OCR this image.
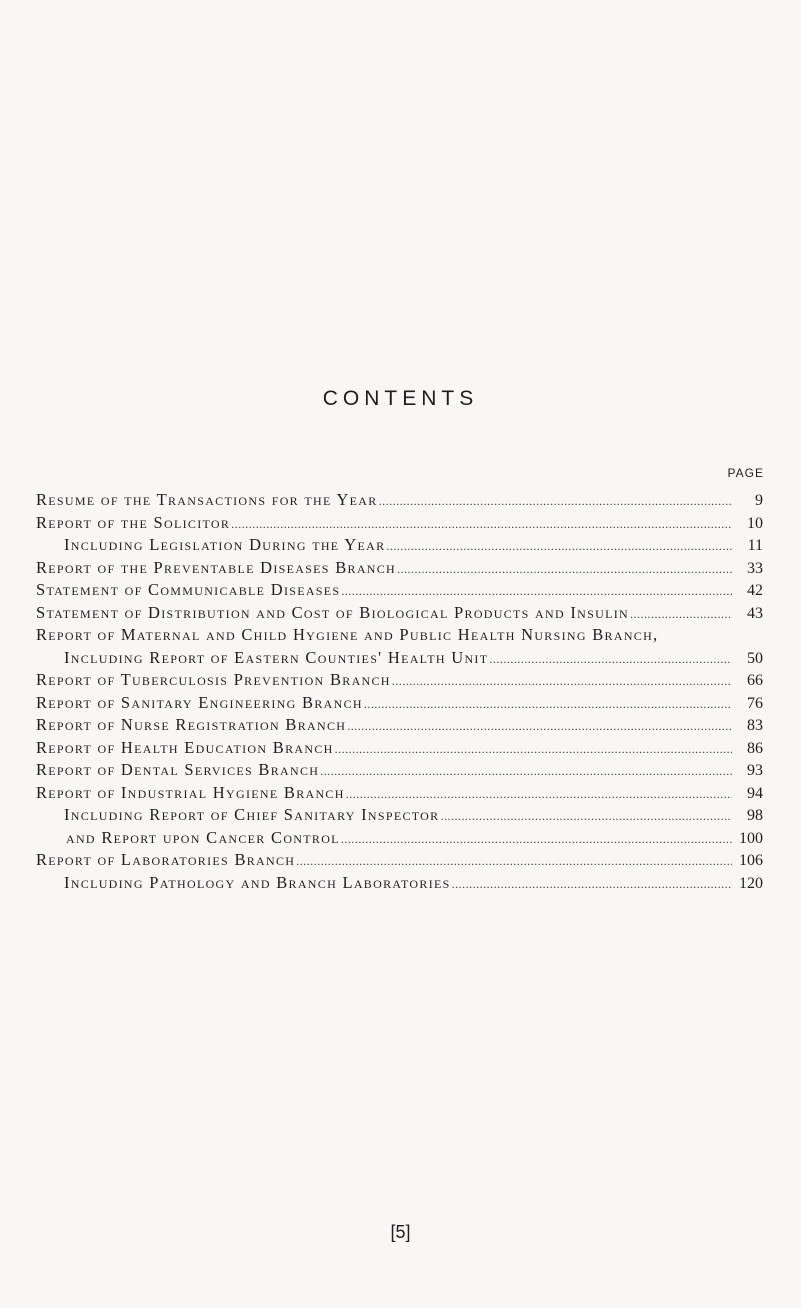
CONTENTS
PAGE
Resume of the Transactions for the Year .....	9
Report of the Solicitor .....	10
Including Legislation During the Year .....	11
Report of the Preventable Diseases Branch .....	33
Statement of Communicable Diseases .....	42
Statement of Distribution and Cost of Biological Products and Insulin .....	43
Report of Maternal and Child Hygiene and Public Health Nursing Branch,
Including Report of Eastern Counties' Health Unit .....	50
Report of Tuberculosis Prevention Branch .....	66
Report of Sanitary Engineering Branch .....	76
Report of Nurse Registration Branch .....	83
Report of Health Education Branch .....	86
Report of Dental Services Branch .....	93
Report of Industrial Hygiene Branch .....	94
Including Report of Chief Sanitary Inspector .....	98
and Report upon Cancer Control .....	100
Report of Laboratories Branch .....	106
Including Pathology and Branch Laboratories .....	120
[5]
